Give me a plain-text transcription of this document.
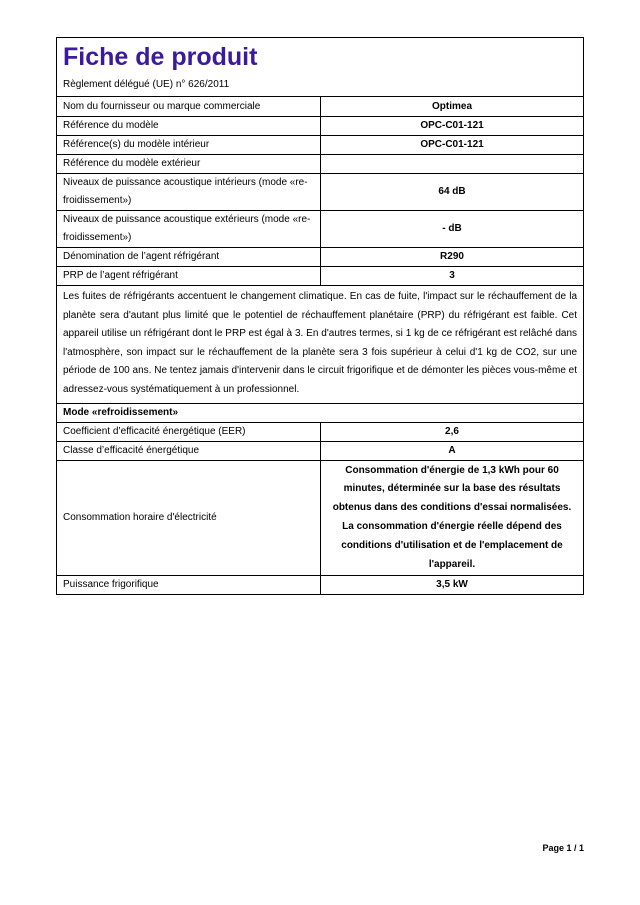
Fiche de produit
Règlement délégué (UE) n° 626/2011	

Nom du fournisseur ou marque commerciale	Optimea
Référence du modèle	OPC-C01-121
Référence(s) du modèle intérieur	OPC-C01-121
Référence du modèle extérieur	
Niveaux de puissance acoustique intérieurs (mode «re-froidissement»)	64 dB
Niveaux de puissance acoustique extérieurs (mode «re-froidissement»)	- dB
Dénomination de l’agent réfrigérant	R290
PRP de l’agent réfrigérant	3
Les fuites de réfrigérants accentuent le changement climatique. En cas de fuite, l'impact sur le réchauffement de la planète sera d'autant plus limité que le potentiel de réchauffement planétaire (PRP) du réfrigérant est faible. Cet appareil utilise un réfrigérant dont le PRP est égal à 3. En d'autres termes, si 1 kg de ce réfrigérant est relâché dans l'atmosphère, son impact sur le réchauffement de la planète sera 3 fois supérieur à celui d'1 kg de CO2, sur une période de 100 ans. Ne tentez jamais d'intervenir dans le circuit frigorifique et de démonter les pièces vous-même et adressez-vous systématiquement à un professionnel.	
Mode «refroidissement»	
Coefficient d’efficacité énergétique (EER)	2,6
Classe d’efficacité énergétique	A
Consommation horaire d'électricité	Consommation d'énergie de 1,3 kWh pour 60 minutes, déterminée sur la base des résultats obtenus dans des conditions d'essai normalisées. La consommation d'énergie réelle dépend des conditions d'utilisation et de l'emplacement de l'appareil.
Puissance frigorifique	3,5 kW
Page 1 / 1
